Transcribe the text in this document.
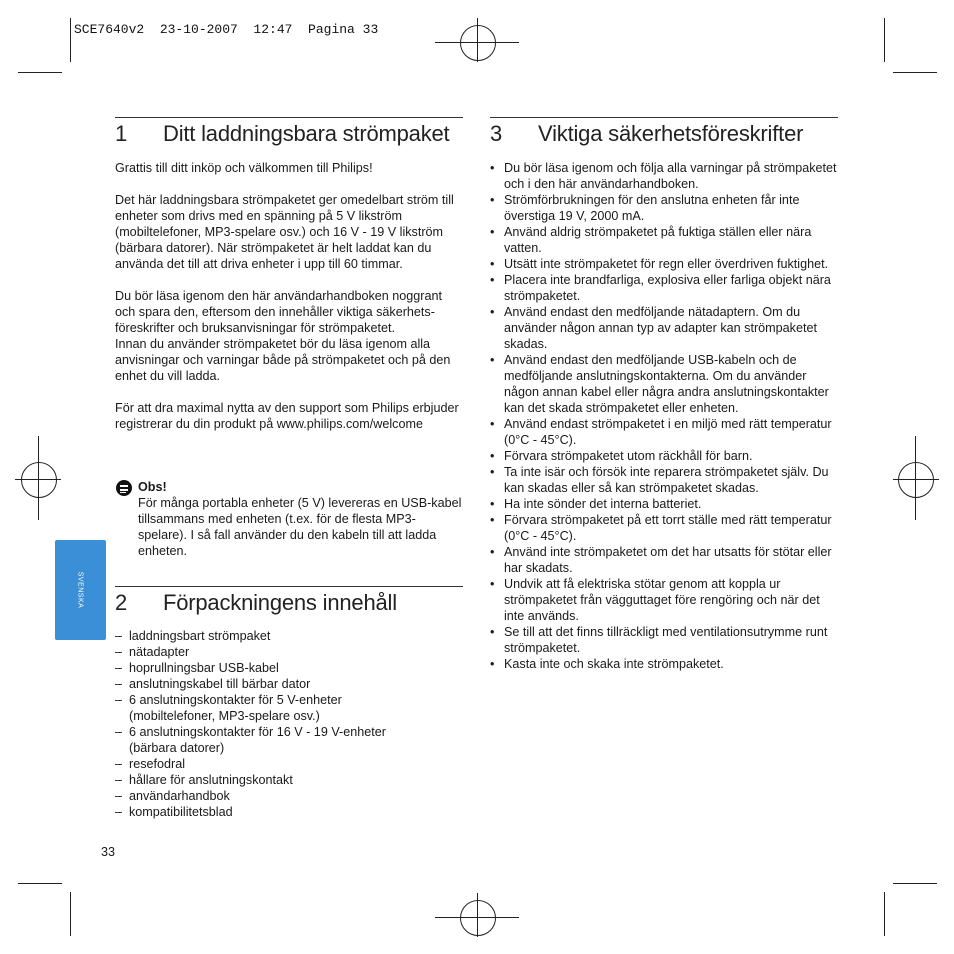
SCE7640v2  23-10-2007  12:47  Pagina 33
SVENSKA
1 Ditt laddningsbara strömpaket

Grattis till ditt inköp och välkommen till Philips!

Det här laddningsbara strömpaketet ger omedelbart ström till enheter som drivs med en spänning på 5 V likström (mobiltelefoner, MP3-spelare osv.) och 16 V - 19 V likström (bärbara datorer). När strömpaketet är helt laddat kan du använda det till att driva enheter i upp till 60 timmar.

Du bör läsa igenom den här användarhandboken noggrant och spara den, eftersom den innehåller viktiga säkerhets-föreskrifter och bruksanvisningar för strömpaketet.

Innan du använder strömpaketet bör du läsa igenom alla anvisningar och varningar både på strömpaketet och på den enhet du vill ladda.

För att dra maximal nytta av den support som Philips erbjuder registrerar du din produkt på www.philips.com/welcome

Obs!
För många portabla enheter (5 V) levereras en USB-kabel tillsammans med enheten (t.ex. för de flesta MP3-spelare). I så fall använder du den kabeln till att ladda enheten.
2 Förpackningens innehåll
– laddningsbart strömpaket
– nätadapter
– hoprullningsbar USB-kabel
– anslutningskabel till bärbar dator
– 6 anslutningskontakter för 5 V-enheter (mobiltelefoner, MP3-spelare osv.)
– 6 anslutningskontakter för 16 V - 19 V-enheter (bärbara datorer)
– resefodral
– hållare för anslutningskontakt
– användarhandbok
– kompatibilitetsblad
33
3 Viktiga säkerhetsföreskrifter
• Du bör läsa igenom och följa alla varningar på strömpaketet och i den här användarhandboken.
• Strömförbrukningen för den anslutna enheten får inte överstiga 19 V, 2000 mA.
• Använd aldrig strömpaketet på fuktiga ställen eller nära vatten.
• Utsätt inte strömpaketet för regn eller överdriven fuktighet.
• Placera inte brandfarliga, explosiva eller farliga objekt nära strömpaketet.
• Använd endast den medföljande nätadaptern. Om du använder någon annan typ av adapter kan strömpaketet skadas.
• Använd endast den medföljande USB-kabeln och de medföljande anslutningskontakterna. Om du använder någon annan kabel eller några andra anslutningskontakter kan det skada strömpaketet eller enheten.
• Använd endast strömpaketet i en miljö med rätt temperatur (0°C - 45°C).
• Förvara strömpaketet utom räckhåll för barn.
• Ta inte isär och försök inte reparera strömpaketet själv. Du kan skadas eller så kan strömpaketet skadas.
• Ha inte sönder det interna batteriet.
• Förvara strömpaketet på ett torrt ställe med rätt temperatur (0°C - 45°C).
• Använd inte strömpaketet om det har utsatts för stötar eller har skadats.
• Undvik att få elektriska stötar genom att koppla ur strömpaketet från vägguttaget före rengöring och när det inte används.
• Se till att det finns tillräckligt med ventilationsutrymme runt strömpaketet.
• Kasta inte och skaka inte strömpaketet.
